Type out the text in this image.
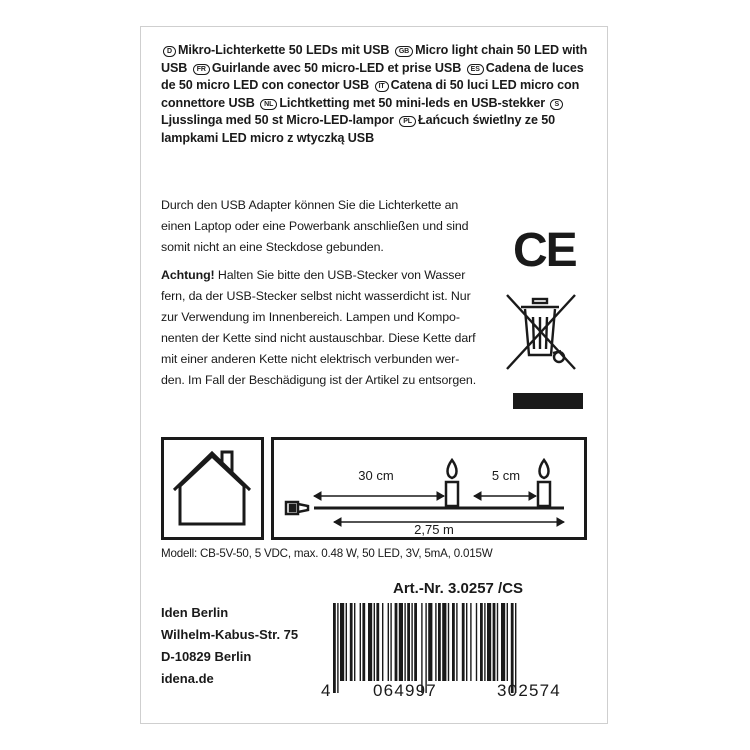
D Mikro-Lichterkette 50 LEDs mit USB GB Micro light chain 50 LED with USB FR Guirlande avec 50 micro-LED et prise USB ES Cadena de luces de 50 micro LED con conector USB IT Catena di 50 luci LED micro con connettore USB NL Lichtketting met 50 mini-leds en USB-stekker SLjusslinga med 50 st Micro-LED-lampor PL Łańcuch świetlny ze 50 lampkami LED micro z wtyczką USB
Durch den USB Adapter können Sie die Lichterkette an
einen Laptop oder eine Powerbank anschließen und sind
somit nicht an eine Steckdose gebunden.
Achtung! Halten Sie bitte den USB-Stecker von Wasser
fern, da der USB-Stecker selbst nicht wasserdicht ist. Nur
zur Verwendung im Innenbereich. Lampen und Kompo-
nenten der Kette sind nicht austauschbar. Diese Kette darf
mit einer anderen Kette nicht elektrisch verbunden wer-
den. Im Fall der Beschädigung ist der Artikel zu entsorgen.
CE
30 cm	5 cm
2,75 m
Modell: CB-5V-50, 5 VDC, max. 0.48 W, 50 LED, 3V, 5mA, 0.015W
Art.-Nr. 3.0257 /CS
Iden Berlin
Wilhelm-Kabus-Str. 75
D-10829 Berlin
idena.de
4	064997	302574
